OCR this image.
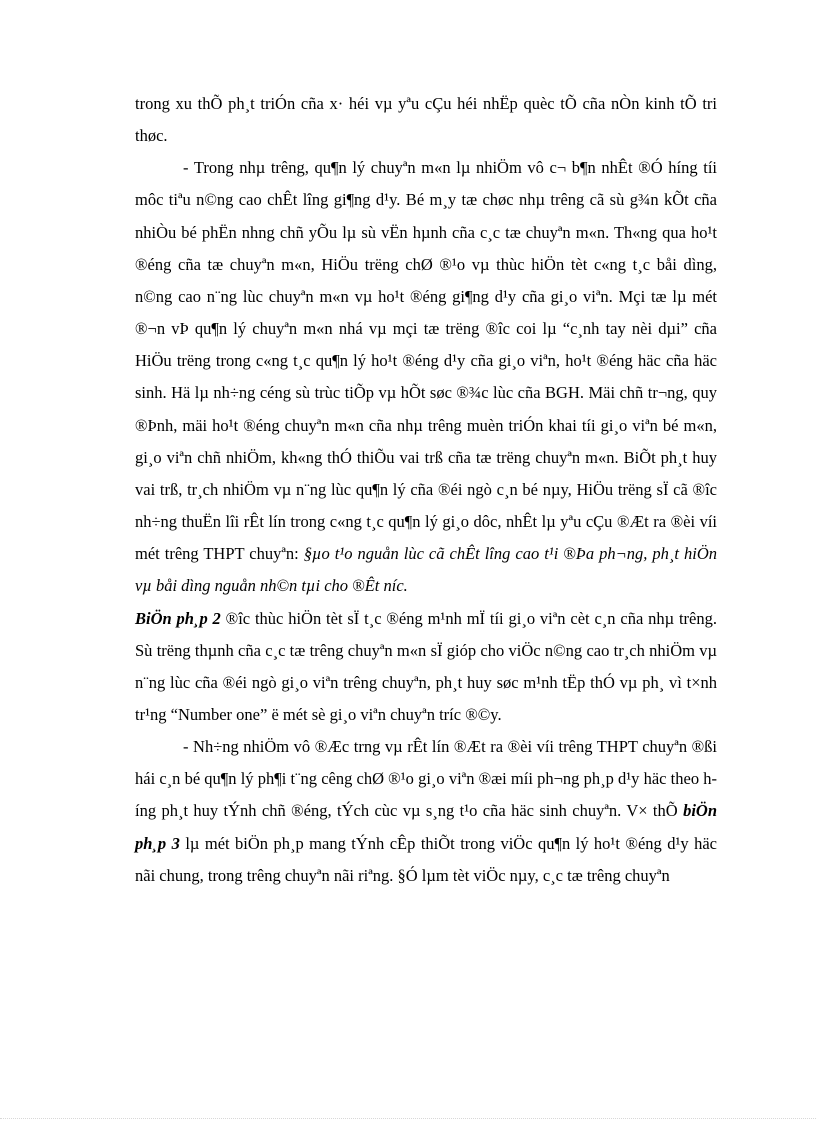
trong xu thÕ ph¸t triÓn cña x· héi vµ yªu cÇu héi nhËp quèc tÕ cña nÒn kinh tÕ tri thøc.

- Trong nhµ trêng, qu¶n lý chuyªn m«n lµ nhiÖm vô c¬ b¶n nhÊt ®Ó híng tíi môc tiªu n©ng cao chÊt lîng gi¶ng d¹y. Bé m¸y tæ chøc nhµ trêng cã sù g¾n kÕt cña nhiÒu bé phËn nhng chñ yÕu lµ sù vËn hµnh cña c¸c tæ chuyªn m«n. Th«ng qua ho¹t ®éng cña tæ chuyªn m«n, HiÖu trëng chØ ®¹o vµ thùc hiÖn tèt c«ng t¸c båi dìng, n©ng cao n¨ng lùc chuyªn m«n vµ ho¹t ®éng gi¶ng d¹y cña gi¸o viªn. Mçi tæ lµ mét ®¬n vÞ qu¶n lý chuyªn m«n nhá vµ mçi tæ trëng ®îc coi lµ “c¸nh tay nèi dµi” cña HiÖu trëng trong c«ng t¸c qu¶n lý ho¹t ®éng d¹y cña gi¸o viªn, ho¹t ®éng häc cña häc sinh. Hä lµ nh÷ng céng sù trùc tiÕp vµ hÕt søc ®¾c lùc cña BGH. Mäi chñ tr¬ng, quy ®Þnh, mäi ho¹t ®éng chuyªn m«n cña nhµ trêng muèn triÓn khai tíi gi¸o viªn bé m«n, gi¸o viªn chñ nhiÖm, kh«ng thÓ thiÕu vai trß cña tæ trëng chuyªn m«n. BiÕt ph¸t huy vai trß, tr¸ch nhiÖm vµ n¨ng lùc qu¶n lý cña ®éi ngò c¸n bé nµy, HiÖu trëng sÏ cã ®îc nh÷ng thuËn lîi rÊt lín trong c«ng t¸c qu¶n lý gi¸o dôc, nhÊt lµ yªu cÇu ®Æt ra ®èi víi mét trêng THPT chuyªn: §µo t¹o nguån lùc cã chÊt lîng cao t¹i ®Þa ph¬ng, ph¸t hiÖn vµ båi dìng nguån nh©n tµi cho ®Êt níc.

BiÖn ph¸p 2 ®îc thùc hiÖn tèt sÏ t¸c ®éng m¹nh mÏ tíi gi¸o viªn cèt c¸n cña nhµ trêng. Sù trëng thµnh cña c¸c tæ trêng chuyªn m«n sÏ gióp cho viÖc n©ng cao tr¸ch nhiÖm vµ n¨ng lùc cña ®éi ngò gi¸o viªn trêng chuyªn, ph¸t huy søc m¹nh tËp thÓ vµ ph¸ vì t×nh tr¹ng “Number one” ë mét sè gi¸o viªn chuyªn tríc ®©y.

- Nh÷ng nhiÖm vô ®Æc trng vµ rÊt lín ®Æt ra ®èi víi trêng THPT chuyªn ®ßi hái c¸n bé qu¶n lý ph¶i t¨ng cêng chØ ®¹o gi¸o viªn ®æi míi ph¬ng ph¸p d¹y häc theo híng ph¸t huy tÝnh chñ ®éng, tÝch cùc vµ s¸ng t¹o cña häc sinh chuyªn. V× thÕ biÖn ph¸p 3 lµ mét biÖn ph¸p mang tÝnh cÊp thiÕt trong viÖc qu¶n lý ho¹t ®éng d¹y häc nãi chung, trong trêng chuyªn nãi riªng. §Ó lµm tèt viÖc nµy, c¸c tæ trêng chuyªn
